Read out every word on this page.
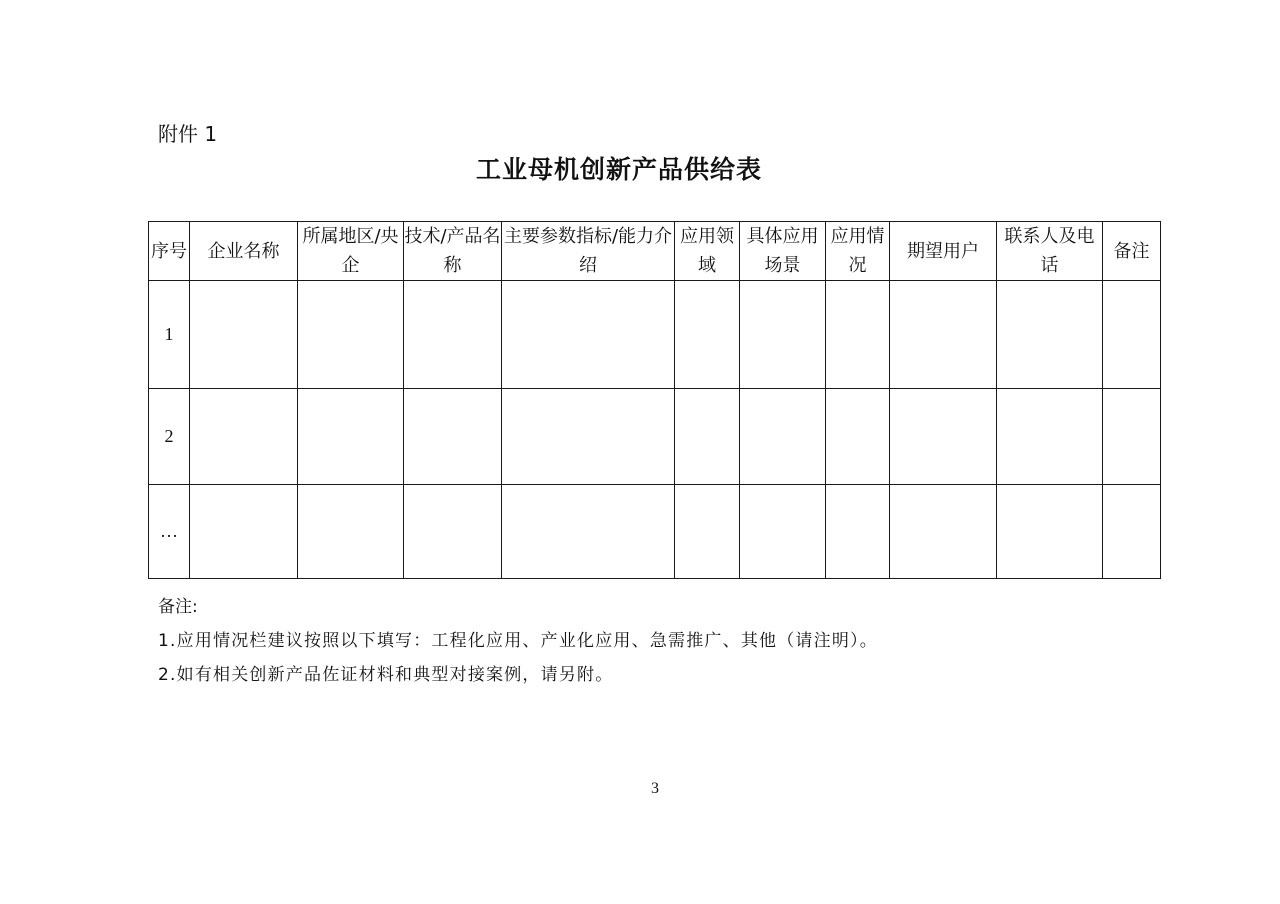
附件 1
工业母机创新产品供给表
序号	企业名称	所属地区/央企	技术/产品名称	主要参数指标/能力介绍	应用领域	具体应用场景	应用情况	期望用户	联系人及电话	备注
1										
2										
…										
备注:
1.应用情况栏建议按照以下填写：工程化应用、产业化应用、急需推广、其他（请注明）。
2.如有相关创新产品佐证材料和典型对接案例，请另附。
3
